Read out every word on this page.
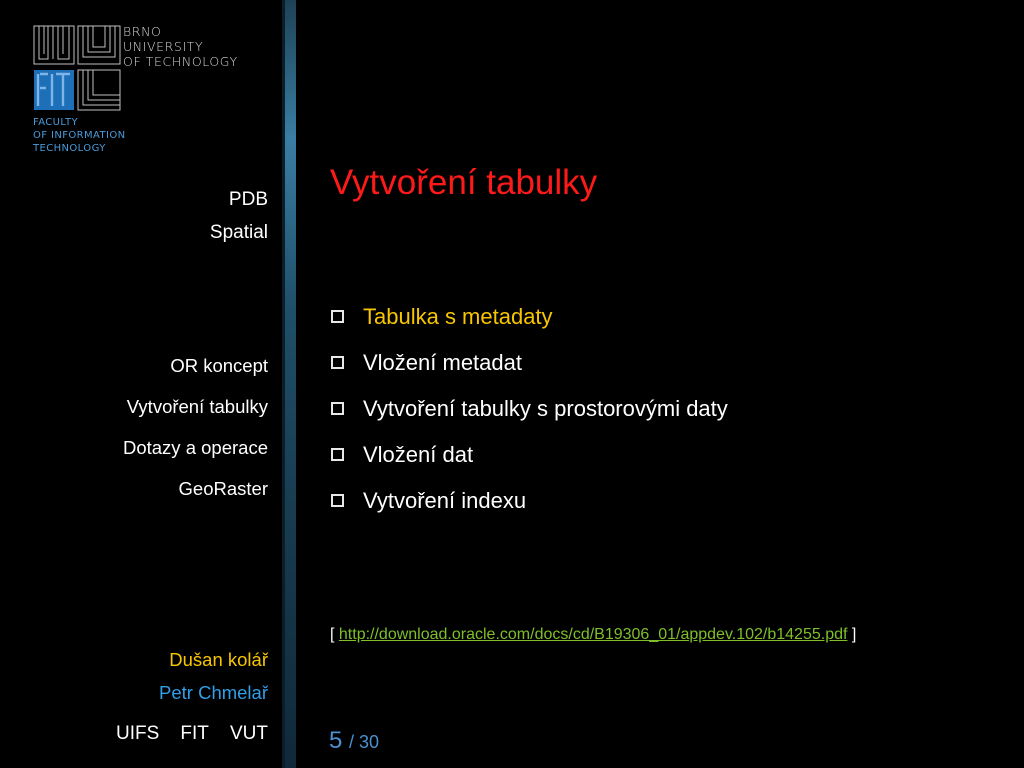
BRNO
UNIVERSITY
OF TECHNOLOGY
FACULTY
OF INFORMATION
TECHNOLOGY
PDB
Spatial
OR koncept
Vytvoření tabulky
Dotazy a operace
GeoRaster
Dušan kolář
Petr Chmelař
UIFS FIT VUT
Vytvoření tabulky
Tabulka s metadaty
Vložení metadat
Vytvoření tabulky s prostorovými daty
Vložení dat
Vytvoření indexu
[ http://download.oracle.com/docs/cd/B19306_01/appdev.102/b14255.pdf ]
5 / 30
